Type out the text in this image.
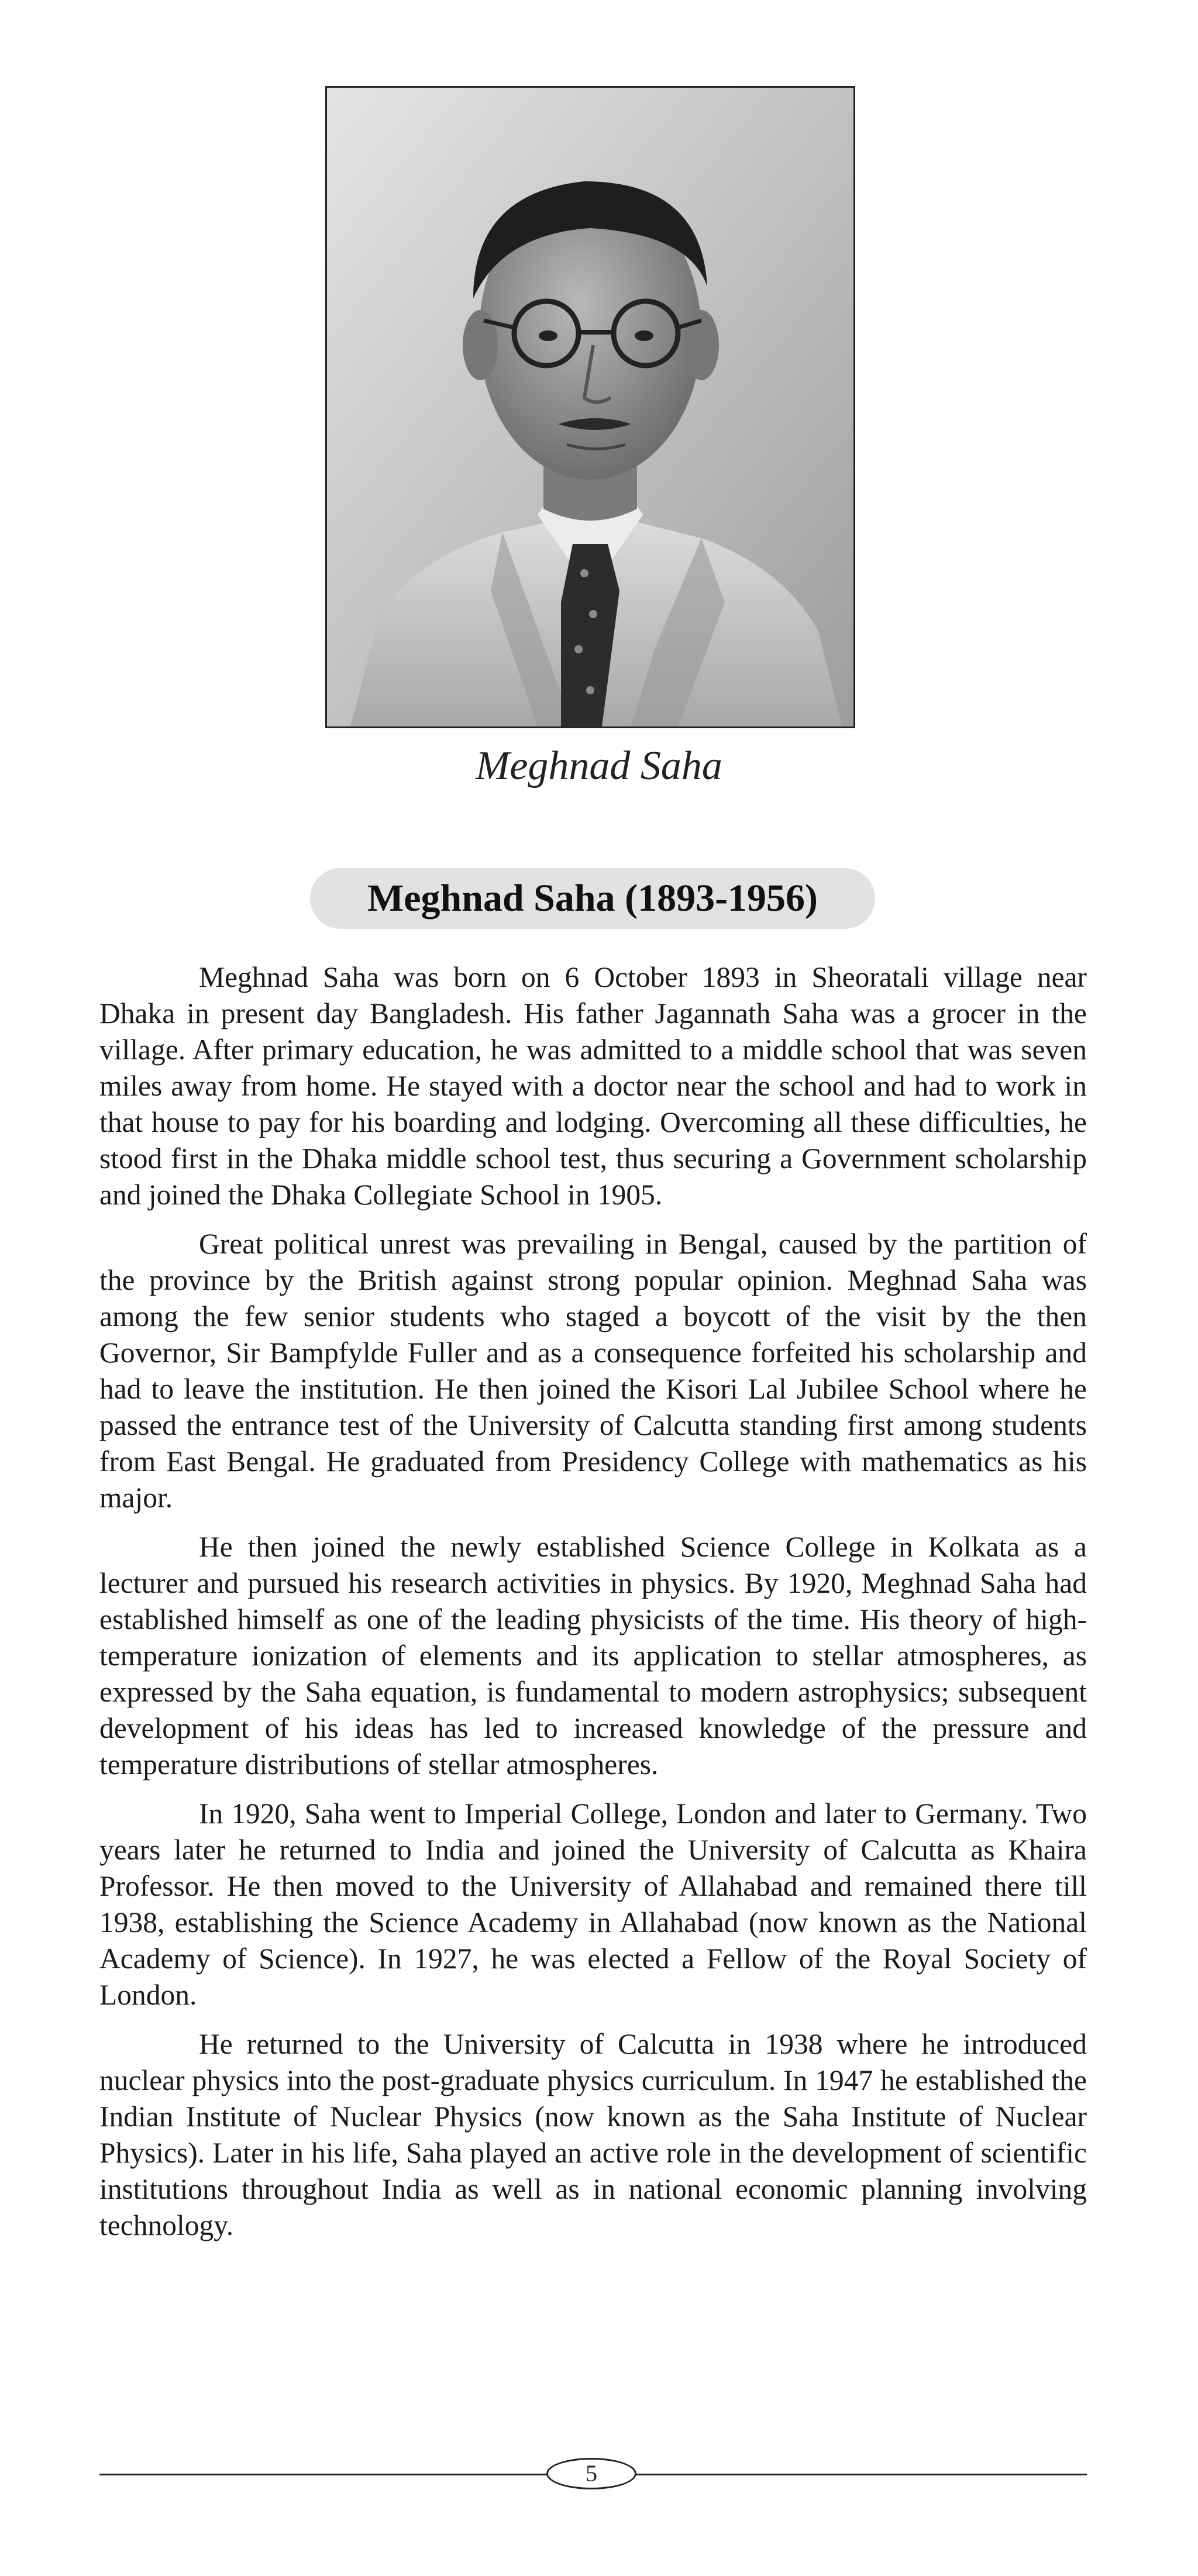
Meghnad Saha
Meghnad Saha (1893-1956)

Meghnad Saha was born on 6 October 1893 in Sheoratali village near Dhaka in present day Bangladesh. His father Jagannath Saha was a grocer in the village. After primary education, he was admitted to a middle school that was seven miles away from home. He stayed with a doctor near the school and had to work in that house to pay for his boarding and lodging. Overcoming all these difficulties, he stood first in the Dhaka middle school test, thus securing a Government scholarship and joined the Dhaka Collegiate School in 1905.

Great political unrest was prevailing in Bengal, caused by the partition of the province by the British against strong popular opinion. Meghnad Saha was among the few senior students who staged a boycott of the visit by the then Governor, Sir Bampfylde Fuller and as a consequence forfeited his scholarship and had to leave the institution. He then joined the Kisori Lal Jubilee School where he passed the entrance test of the University of Calcutta standing first among students from East Bengal. He graduated from Presidency College with mathematics as his major.

He then joined the newly established Science College in Kolkata as a lecturer and pursued his research activities in physics. By 1920, Meghnad Saha had established himself as one of the leading physicists of the time. His theory of high-temperature ionization of elements and its application to stellar atmospheres, as expressed by the Saha equation, is fundamental to modern astrophysics; subsequent development of his ideas has led to increased knowledge of the pressure and temperature distributions of stellar atmospheres.

In 1920, Saha went to Imperial College, London and later to Germany. Two years later he returned to India and joined the University of Calcutta as Khaira Professor. He then moved to the University of Allahabad and remained there till 1938, establishing the Science Academy in Allahabad (now known as the National Academy of Science). In 1927, he was elected a Fellow of the Royal Society of London.

He returned to the University of Calcutta in 1938 where he introduced nuclear physics into the post-graduate physics curriculum. In 1947 he established the Indian Institute of Nuclear Physics (now known as the Saha Institute of Nuclear Physics). Later in his life, Saha played an active role in the development of scientific institutions throughout India as well as in national economic planning involving technology.

5
